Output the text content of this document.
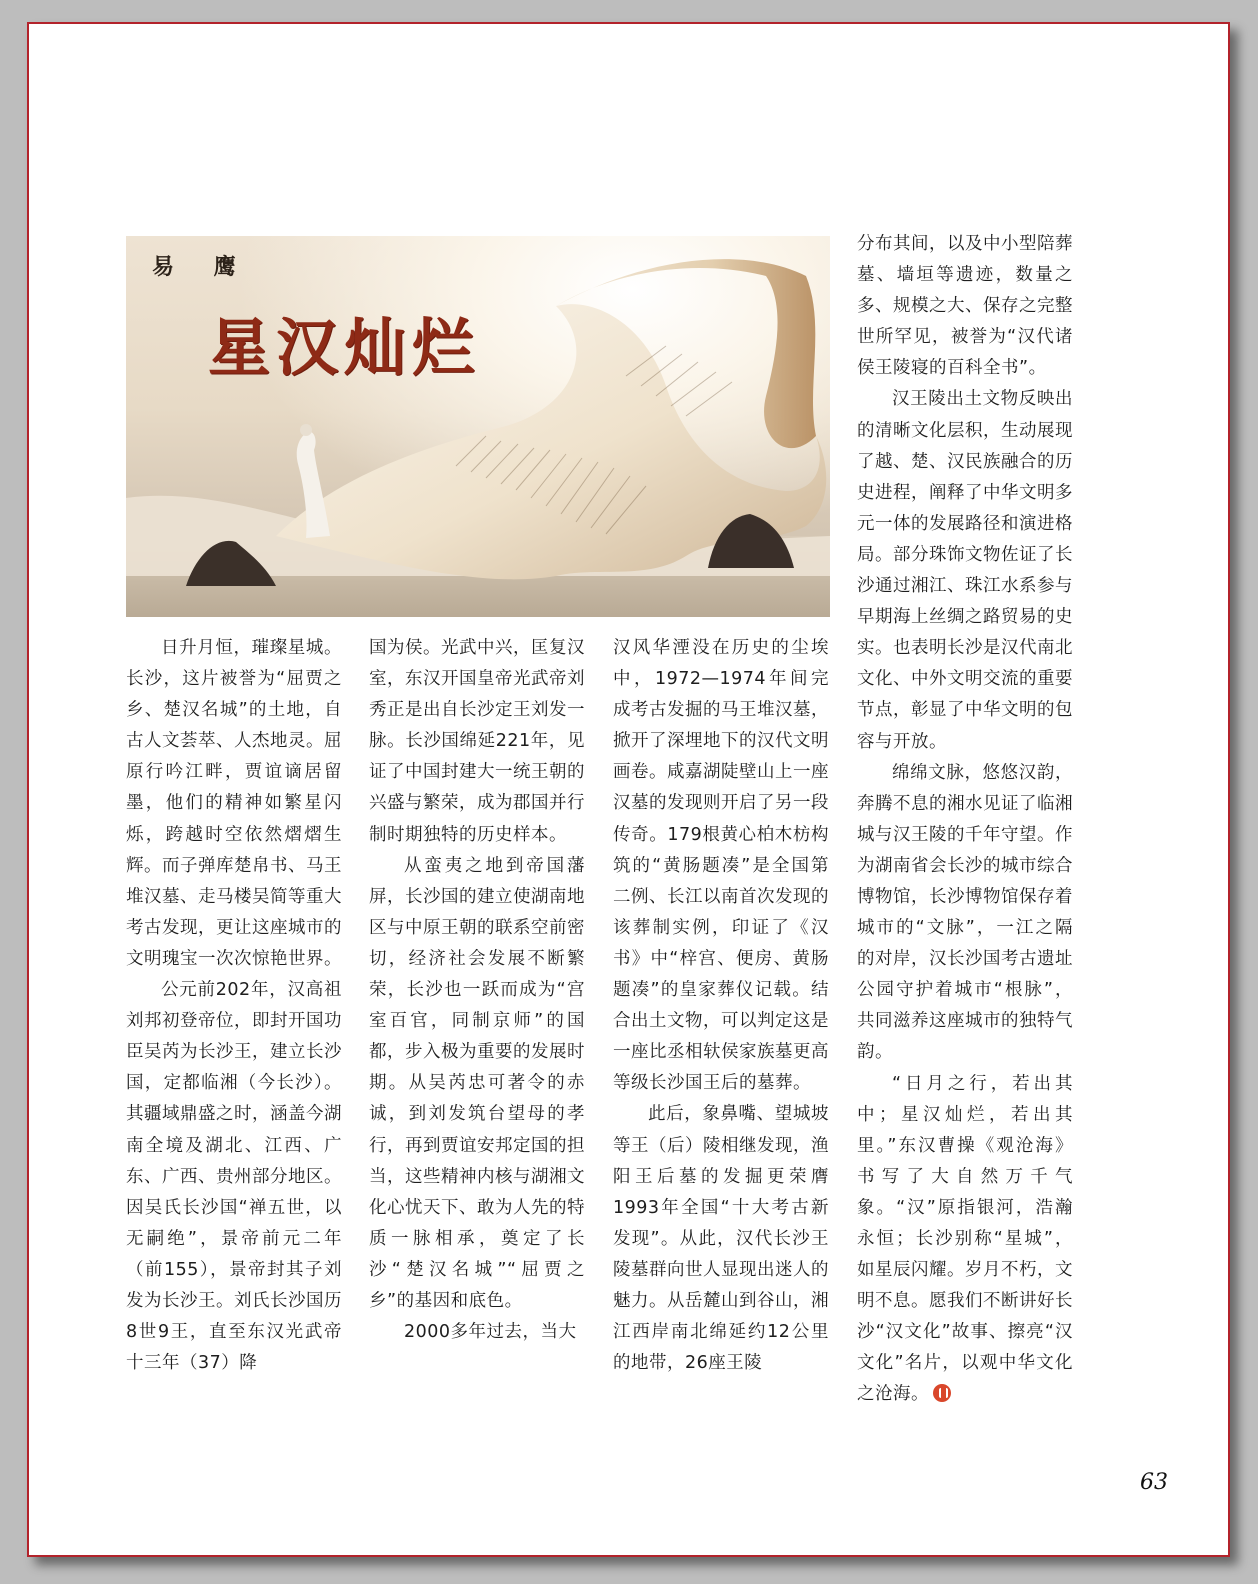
易 鹰
星汉灿烂

日升月恒，璀璨星城。长沙，这片被誉为“屈贾之乡、楚汉名城”的土地，自古人文荟萃、人杰地灵。屈原行吟江畔，贾谊谪居留墨，他们的精神如繁星闪烁，跨越时空依然熠熠生辉。而子弹库楚帛书、马王堆汉墓、走马楼吴简等重大考古发现，更让这座城市的文明瑰宝一次次惊艳世界。

公元前202年，汉高祖刘邦初登帝位，即封开国功臣吴芮为长沙王，建立长沙国，定都临湘（今长沙）。其疆域鼎盛之时，涵盖今湖南全境及湖北、江西、广东、广西、贵州部分地区。因吴氏长沙国“禅五世，以无嗣绝”，景帝前元二年（前155），景帝封其子刘发为长沙王。刘氏长沙国历8世9王，直至东汉光武帝十三年（37）降

国为侯。光武中兴，匡复汉室，东汉开国皇帝光武帝刘秀正是出自长沙定王刘发一脉。长沙国绵延221年，见证了中国封建大一统王朝的兴盛与繁荣，成为郡国并行制时期独特的历史样本。

从蛮夷之地到帝国藩屏，长沙国的建立使湖南地区与中原王朝的联系空前密切，经济社会发展不断繁荣，长沙也一跃而成为“宫室百官，同制京师”的国都，步入极为重要的发展时期。从吴芮忠可著令的赤诚，到刘发筑台望母的孝行，再到贾谊安邦定国的担当，这些精神内核与湖湘文化心忧天下、敢为人先的特质一脉相承，奠定了长沙“楚汉名城”“屈贾之乡”的基因和底色。

2000多年过去，当大

汉风华湮没在历史的尘埃中，1972—1974年间完成考古发掘的马王堆汉墓，掀开了深埋地下的汉代文明画卷。咸嘉湖陡壁山上一座汉墓的发现则开启了另一段传奇。179根黄心柏木枋构筑的“黄肠题凑”是全国第二例、长江以南首次发现的该葬制实例，印证了《汉书》中“梓宫、便房、黄肠题凑”的皇家葬仪记载。结合出土文物，可以判定这是一座比丞相轪侯家族墓更高等级长沙国王后的墓葬。

此后，象鼻嘴、望城坡等王（后）陵相继发现，渔阳王后墓的发掘更荣膺1993年全国“十大考古新发现”。从此，汉代长沙王陵墓群向世人显现出迷人的魅力。从岳麓山到谷山，湘江西岸南北绵延约12公里的地带，26座王陵

分布其间，以及中小型陪葬墓、墙垣等遗迹，数量之多、规模之大、保存之完整世所罕见，被誉为“汉代诸侯王陵寝的百科全书”。

汉王陵出土文物反映出的清晰文化层积，生动展现了越、楚、汉民族融合的历史进程，阐释了中华文明多元一体的发展路径和演进格局。部分珠饰文物佐证了长沙通过湘江、珠江水系参与早期海上丝绸之路贸易的史实。也表明长沙是汉代南北文化、中外文明交流的重要节点，彰显了中华文明的包容与开放。

绵绵文脉，悠悠汉韵，奔腾不息的湘水见证了临湘城与汉王陵的千年守望。作为湖南省会长沙的城市综合博物馆，长沙博物馆保存着城市的“文脉”，一江之隔的对岸，汉长沙国考古遗址公园守护着城市“根脉”，共同滋养这座城市的独特气韵。

“日月之行，若出其中；星汉灿烂，若出其里。”东汉曹操《观沧海》书写了大自然万千气象。“汉”原指银河，浩瀚永恒；长沙别称“星城”，如星辰闪耀。岁月不朽，文明不息。愿我们不断讲好长沙“汉文化”故事、擦亮“汉文化”名片，以观中华文化之沧海。

63
